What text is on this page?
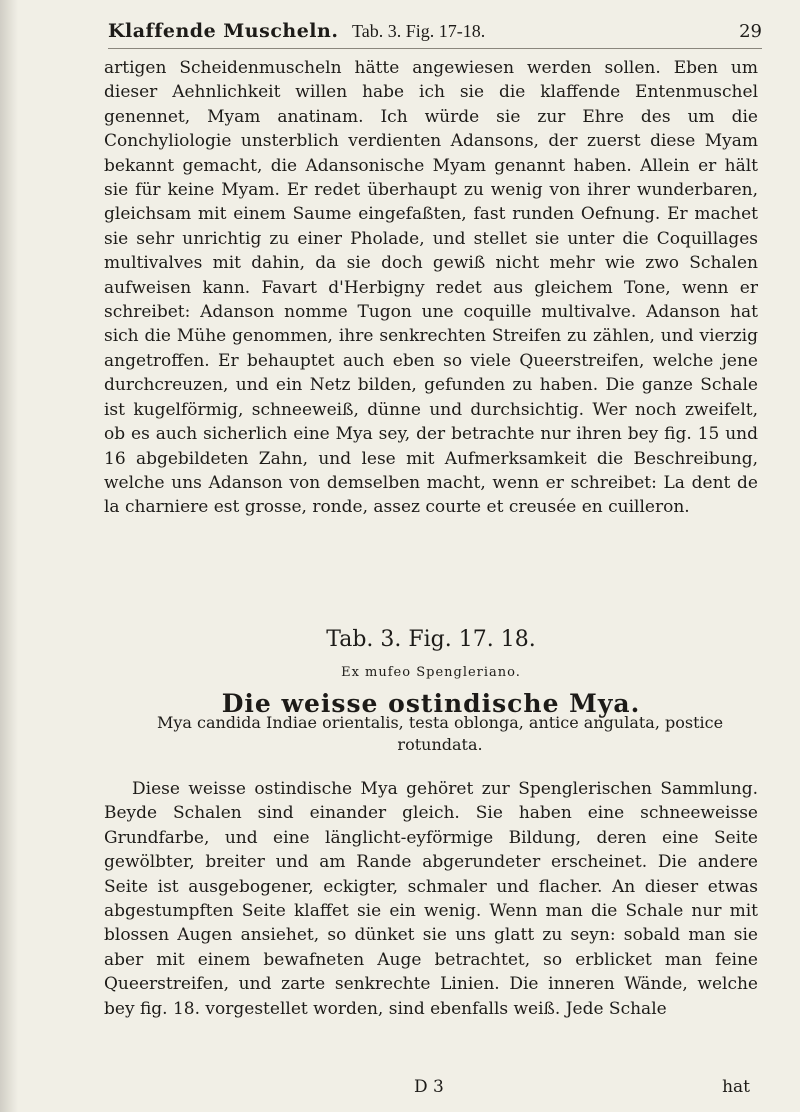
Klaffende Muscheln. Tab. 3. Fig. 17-18.	29

artigen Scheidenmuscheln hätte angewiesen werden sollen. Eben um dieser Aehnlichkeit willen habe ich sie die klaffende Entenmuschel genennet, Myam anatinam. Ich würde sie zur Ehre des um die Conchyliologie unsterblich verdienten Adansons, der zuerst diese Myam bekannt gemacht, die Adansonische Myam genannt haben. Allein er hält sie für keine Myam. Er redet überhaupt zu wenig von ihrer wunderbaren, gleichsam mit einem Saume eingefaßten, fast runden Oefnung. Er machet sie sehr unrichtig zu einer Pholade, und stellet sie unter die Coquillages multivalves mit dahin, da sie doch gewiß nicht mehr wie zwo Schalen aufweisen kann. Favart d'Herbigny redet aus gleichem Tone, wenn er schreibet: Adanson nomme Tugon une coquille multivalve. Adanson hat sich die Mühe genommen, ihre senkrechten Streifen zu zählen, und vierzig angetroffen. Er behauptet auch eben so viele Queerstreifen, welche jene durchcreuzen, und ein Netz bilden, gefunden zu haben. Die ganze Schale ist kugelförmig, schneeweiß, dünne und durchsichtig. Wer noch zweifelt, ob es auch sicherlich eine Mya sey, der betrachte nur ihren bey fig. 15 und 16 abgebildeten Zahn, und lese mit Aufmerksamkeit die Beschreibung, welche uns Adanson von demselben macht, wenn er schreibet: La dent de la charniere est grosse, ronde, assez courte et creusée en cuilleron.

Tab. 3. Fig. 17. 18.
Ex mufeo Spengleriano.
Die weisse ostindische Mya.
Mya candida Indiae orientalis, testa oblonga, antice angulata, postice rotundata.

Diese weisse ostindische Mya gehöret zur Spenglerischen Sammlung. Beyde Schalen sind einander gleich. Sie haben eine schneeweisse Grundfarbe, und eine länglicht-eyförmige Bildung, deren eine Seite gewölbter, breiter und am Rande abgerundeter erscheinet. Die andere Seite ist ausgebogener, eckigter, schmaler und flacher. An dieser etwas abgestumpften Seite klaffet sie ein wenig. Wenn man die Schale nur mit blossen Augen ansiehet, so dünket sie uns glatt zu seyn: sobald man sie aber mit einem bewafneten Auge betrachtet, so erblicket man feine Queerstreifen, und zarte senkrechte Linien. Die inneren Wände, welche bey fig. 18. vorgestellet worden, sind ebenfalls weiß. Jede Schale

D 3	hat
